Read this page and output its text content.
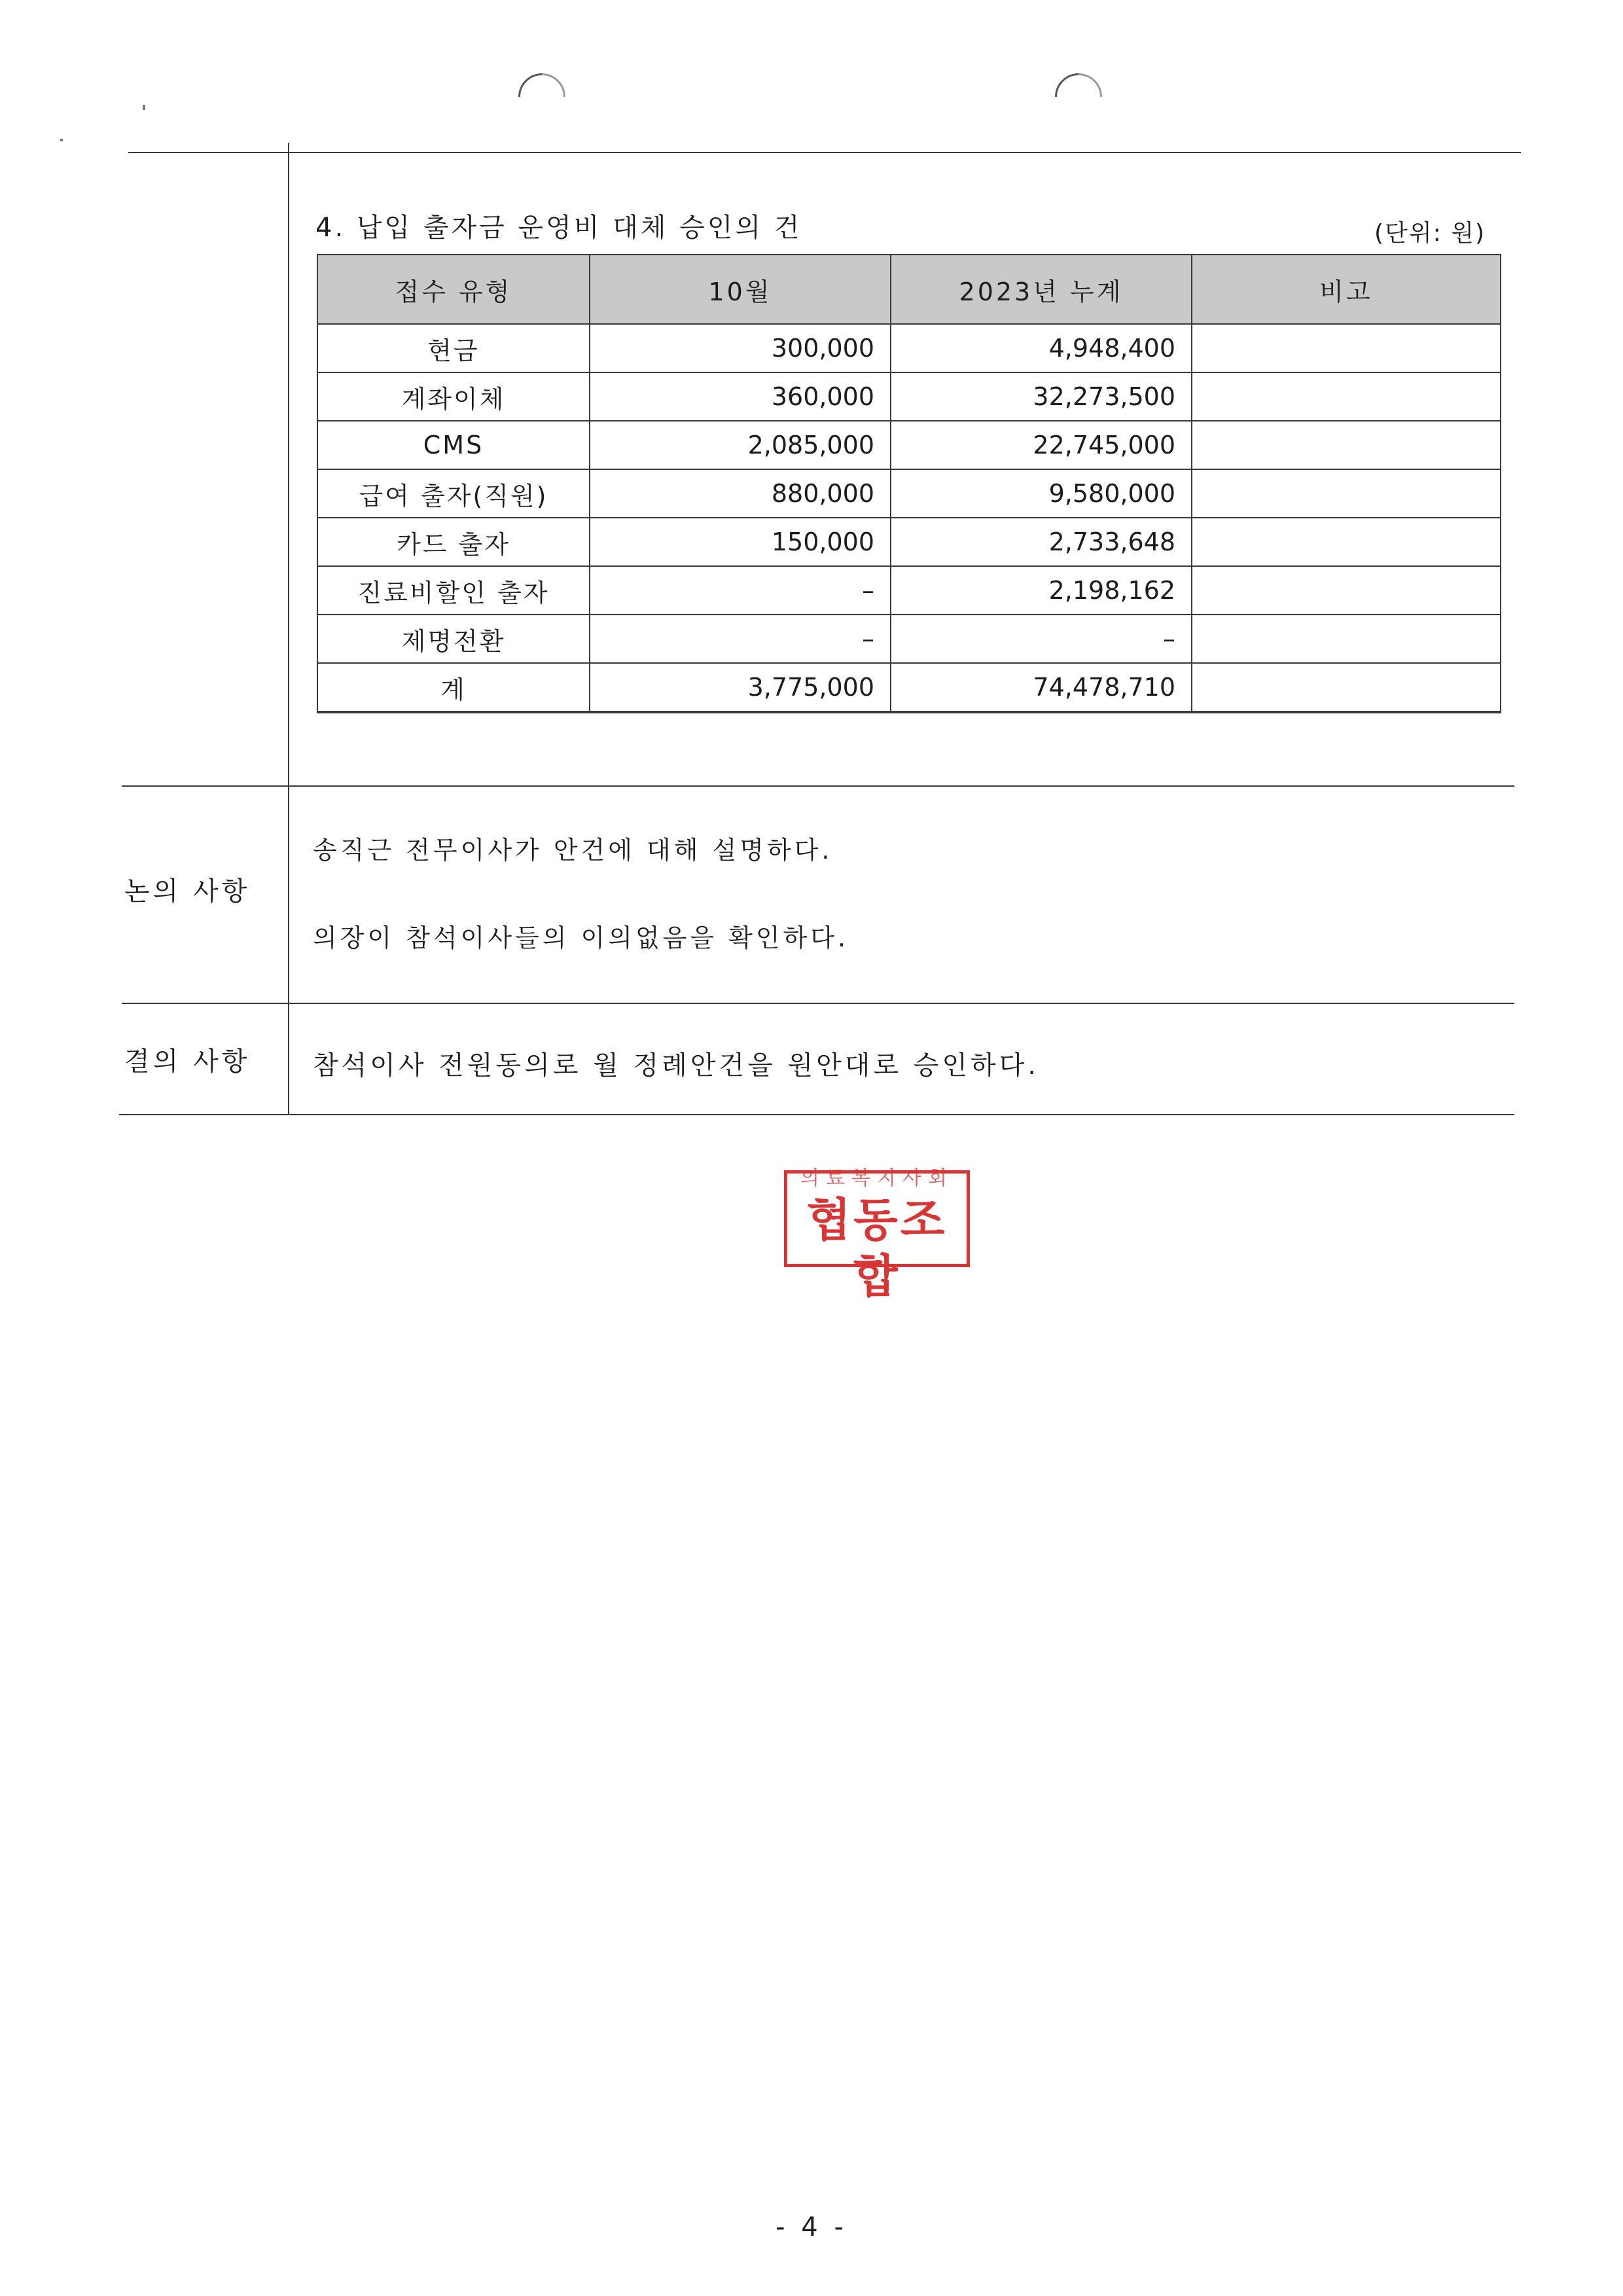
4. 납입 출자금 운영비 대체 승인의 건	(단위: 원)
접수 유형	10월	2023년 누계	비고
현금	300,000	4,948,400	
계좌이체	360,000	32,273,500	
CMS	2,085,000	22,745,000	
급여 출자(직원)	880,000	9,580,000	
카드 출자	150,000	2,733,648	
진료비할인 출자	–	2,198,162	
제명전환	–	–	
계	3,775,000	74,478,710	
논의 사항
송직근 전무이사가 안건에 대해 설명하다.
의장이 참석이사들의 이의없음을 확인하다.
결의 사항	참석이사 전원동의로 월 정례안건을 원안대로 승인하다.
의료복지사회
협동조합
- 4 -
